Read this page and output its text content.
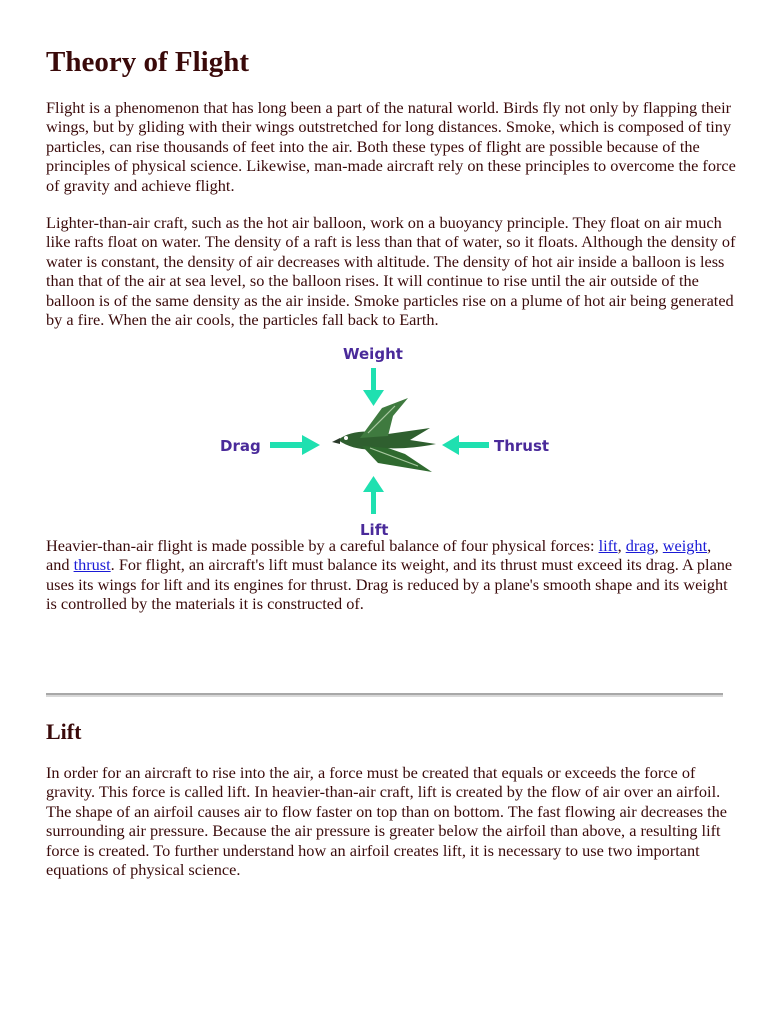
Theory of Flight

Flight is a phenomenon that has long been a part of the natural world. Birds fly not only by flapping their wings, but by gliding with their wings outstretched for long distances. Smoke, which is composed of tiny particles, can rise thousands of feet into the air. Both these types of flight are possible because of the principles of physical science. Likewise, man-made aircraft rely on these principles to overcome the force of gravity and achieve flight.

Lighter-than-air craft, such as the hot air balloon, work on a buoyancy principle. They float on air much like rafts float on water. The density of a raft is less than that of water, so it floats. Although the density of water is constant, the density of air decreases with altitude. The density of hot air inside a balloon is less than that of the air at sea level, so the balloon rises. It will continue to rise until the air outside of the balloon is of the same density as the air inside. Smoke particles rise on a plume of hot air being generated by a fire. When the air cools, the particles fall back to Earth.

Weight
Drag	Thrust
Lift

Heavier-than-air flight is made possible by a careful balance of four physical forces: lift, drag, weight, and thrust. For flight, an aircraft's lift must balance its weight, and its thrust must exceed its drag. A plane uses its wings for lift and its engines for thrust. Drag is reduced by a plane's smooth shape and its weight is controlled by the materials it is constructed of.

Lift

In order for an aircraft to rise into the air, a force must be created that equals or exceeds the force of gravity. This force is called lift. In heavier-than-air craft, lift is created by the flow of air over an airfoil. The shape of an airfoil causes air to flow faster on top than on bottom. The fast flowing air decreases the surrounding air pressure. Because the air pressure is greater below the airfoil than above, a resulting lift force is created. To further understand how an airfoil creates lift, it is necessary to use two important equations of physical science.
